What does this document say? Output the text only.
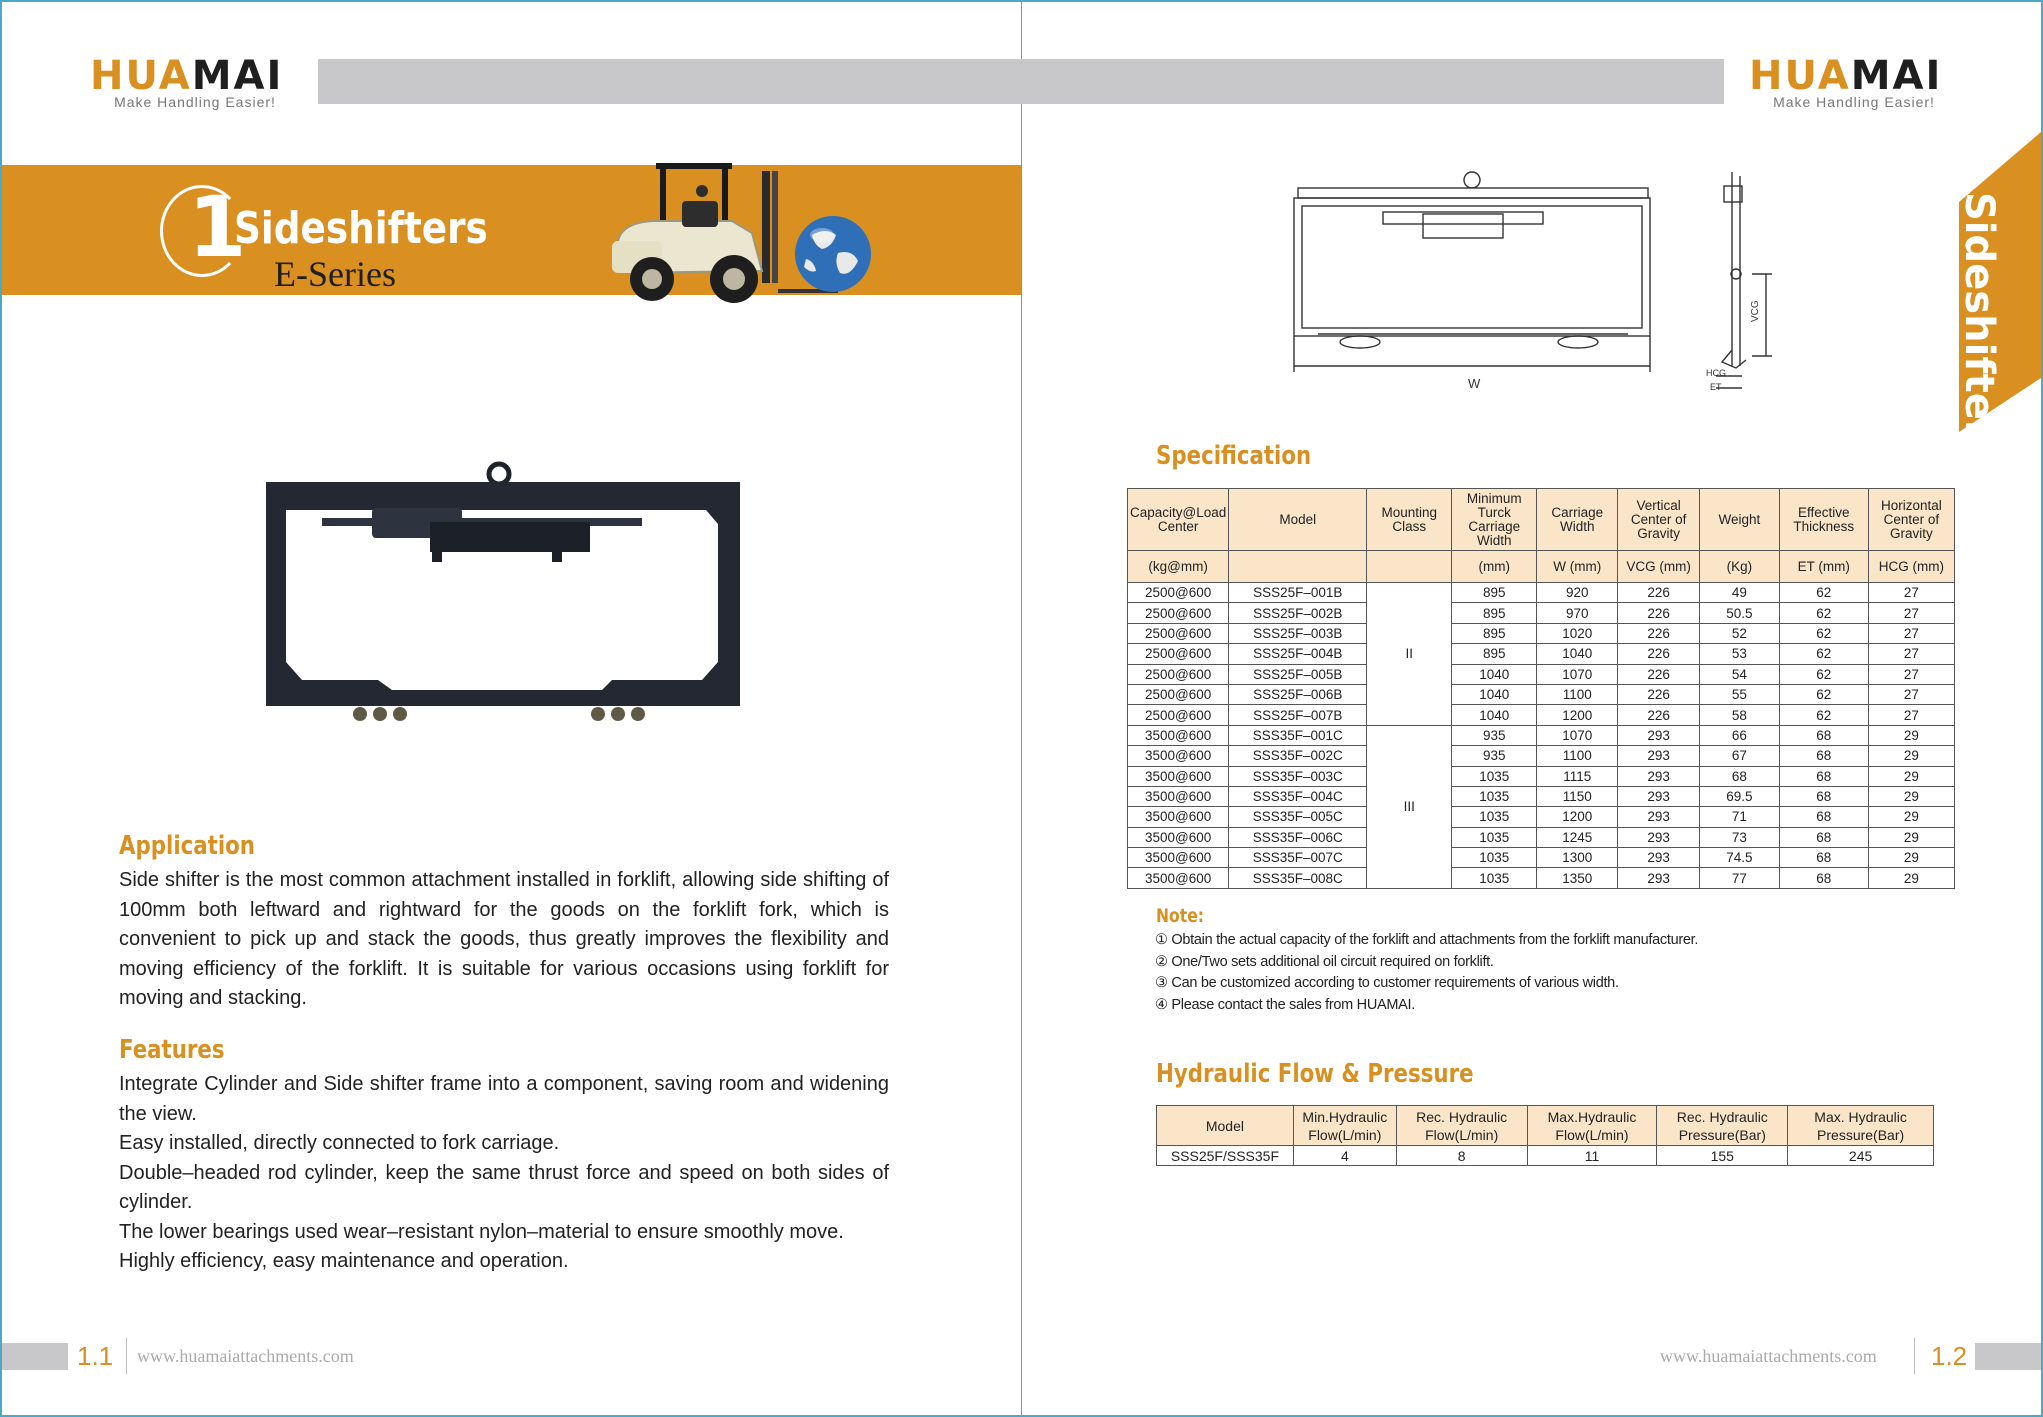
HUAMAI
Make Handling Easier!
1
Sideshifters
E-Series
Application
Side shifter is the most common attachment installed in forklift, allowing side shifting of 100mm both leftward and rightward for the goods on the forklift fork, which is convenient to pick up and stack the goods, thus greatly improves the flexibility and moving efficiency of the forklift. It is suitable for various occasions using forklift for moving and stacking.
Features
Integrate Cylinder and Side shifter frame into a component, saving room and widening the view.
Easy installed, directly connected to fork carriage.
Double–headed rod cylinder, keep the same thrust force and speed on both sides of cylinder.
The lower bearings used wear–resistant nylon–material to ensure smoothly move.
Highly efficiency, easy maintenance and operation.
HUAMAI
Make Handling Easier!
W
VCG
HCG
ET	Sideshifters
Specification
Capacity@Load Center	Model	Mounting Class	Minimum Turck Carriage Width	Carriage Width	Vertical Center of Gravity	Weight	Effective Thickness	Horizontal Center of Gravity
(kg@mm)			(mm)	W (mm)	VCG (mm)	(Kg)	ET (mm)	HCG (mm)
2500@600	SSS25F–001B	II	895	920	226	49	62	27
2500@600	SSS25F–002B		895	970	226	50.5	62	27
2500@600	SSS25F–003B		895	1020	226	52	62	27
2500@600	SSS25F–004B		895	1040	226	53	62	27
2500@600	SSS25F–005B		1040	1070	226	54	62	27
2500@600	SSS25F–006B		1040	1100	226	55	62	27
2500@600	SSS25F–007B		1040	1200	226	58	62	27
3500@600	SSS35F–001C	III	935	1070	293	66	68	29
3500@600	SSS35F–002C		935	1100	293	67	68	29
3500@600	SSS35F–003C		1035	1115	293	68	68	29
3500@600	SSS35F–004C		1035	1150	293	69.5	68	29
3500@600	SSS35F–005C		1035	1200	293	71	68	29
3500@600	SSS35F–006C		1035	1245	293	73	68	29
3500@600	SSS35F–007C		1035	1300	293	74.5	68	29
3500@600	SSS35F–008C		1035	1350	293	77	68	29
Note:
① Obtain the actual capacity of the forklift and attachments from the forklift manufacturer.
② One/Two sets additional oil circuit required on forklift.
③ Can be customized according to customer requirements of various width.
④ Please contact the sales from HUAMAI.
Hydraulic Flow & Pressure
Model	Min.Hydraulic Flow(L/min)	Rec. Hydraulic Flow(L/min)	Max.Hydraulic Flow(L/min)	Rec. Hydraulic Pressure(Bar)	Max. Hydraulic Pressure(Bar)
SSS25F/SSS35F	4	8	11	155	245
1.1 www.huamaiattachments.com	www.huamaiattachments.com 1.2
